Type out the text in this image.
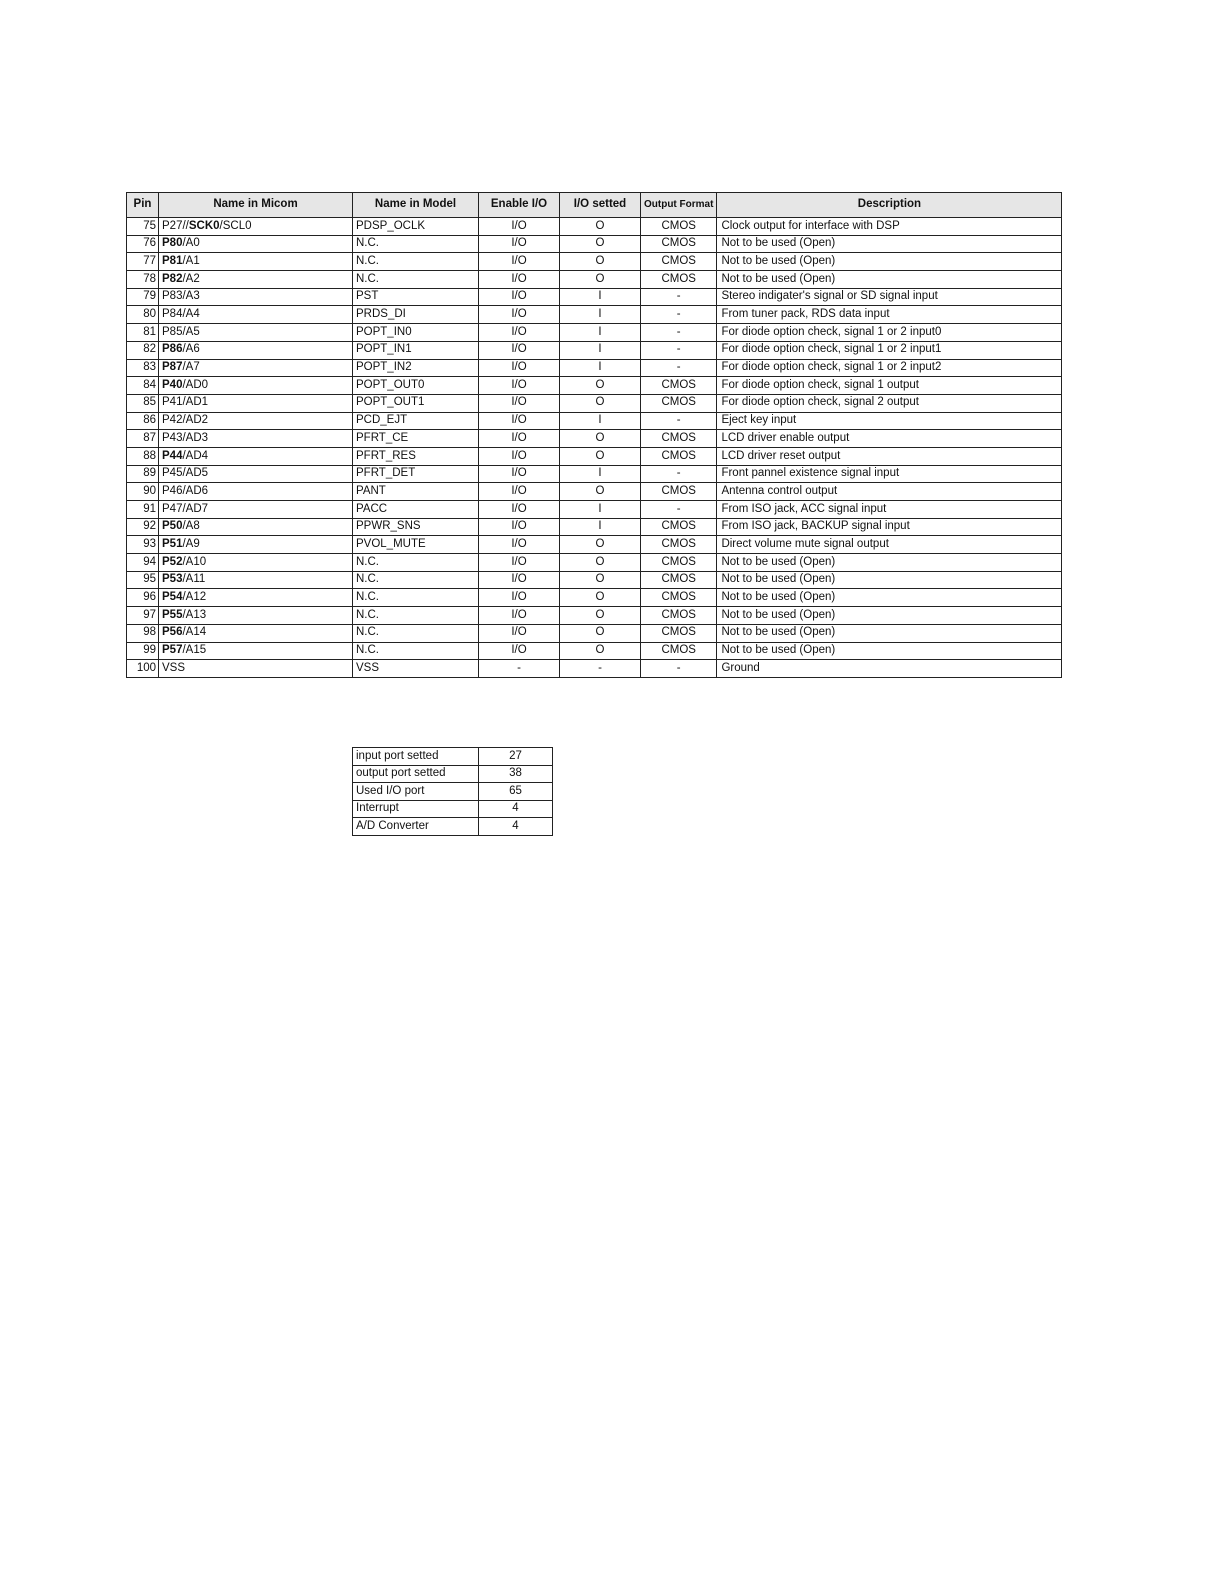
Pin	Name in Micom	Name in Model	Enable I/O	I/O setted	Output Format	Description
75	P27//SCK0/SCL0	PDSP_OCLK	I/O	O	CMOS	Clock output for interface with DSP
76	P80/A0	N.C.	I/O	O	CMOS	Not to be used (Open)
77	P81/A1	N.C.	I/O	O	CMOS	Not to be used (Open)
78	P82/A2	N.C.	I/O	O	CMOS	Not to be used (Open)
79	P83/A3	PST	I/O	I	-	Stereo indigater's signal or SD signal input
80	P84/A4	PRDS_DI	I/O	I	-	From tuner pack, RDS data input
81	P85/A5	POPT_IN0	I/O	I	-	For diode option check, signal 1 or 2 input0
82	P86/A6	POPT_IN1	I/O	I	-	For diode option check, signal 1 or 2 input1
83	P87/A7	POPT_IN2	I/O	I	-	For diode option check, signal 1 or 2 input2
84	P40/AD0	POPT_OUT0	I/O	O	CMOS	For diode option check, signal 1 output
85	P41/AD1	POPT_OUT1	I/O	O	CMOS	For diode option check, signal 2 output
86	P42/AD2	PCD_EJT	I/O	I	-	Eject key input
87	P43/AD3	PFRT_CE	I/O	O	CMOS	LCD driver enable output
88	P44/AD4	PFRT_RES	I/O	O	CMOS	LCD driver reset output
89	P45/AD5	PFRT_DET	I/O	I	-	Front pannel existence signal input
90	P46/AD6	PANT	I/O	O	CMOS	Antenna control output
91	P47/AD7	PACC	I/O	I	-	From ISO jack, ACC signal input
92	P50/A8	PPWR_SNS	I/O	I	CMOS	From ISO jack, BACKUP signal input
93	P51/A9	PVOL_MUTE	I/O	O	CMOS	Direct volume mute signal output
94	P52/A10	N.C.	I/O	O	CMOS	Not to be used (Open)
95	P53/A11	N.C.	I/O	O	CMOS	Not to be used (Open)
96	P54/A12	N.C.	I/O	O	CMOS	Not to be used (Open)
97	P55/A13	N.C.	I/O	O	CMOS	Not to be used (Open)
98	P56/A14	N.C.	I/O	O	CMOS	Not to be used (Open)
99	P57/A15	N.C.	I/O	O	CMOS	Not to be used (Open)
100	VSS	VSS	-	-	-	Ground
input port setted	27
output port setted	38
Used I/O port	65
Interrupt	4
A/D Converter	4
